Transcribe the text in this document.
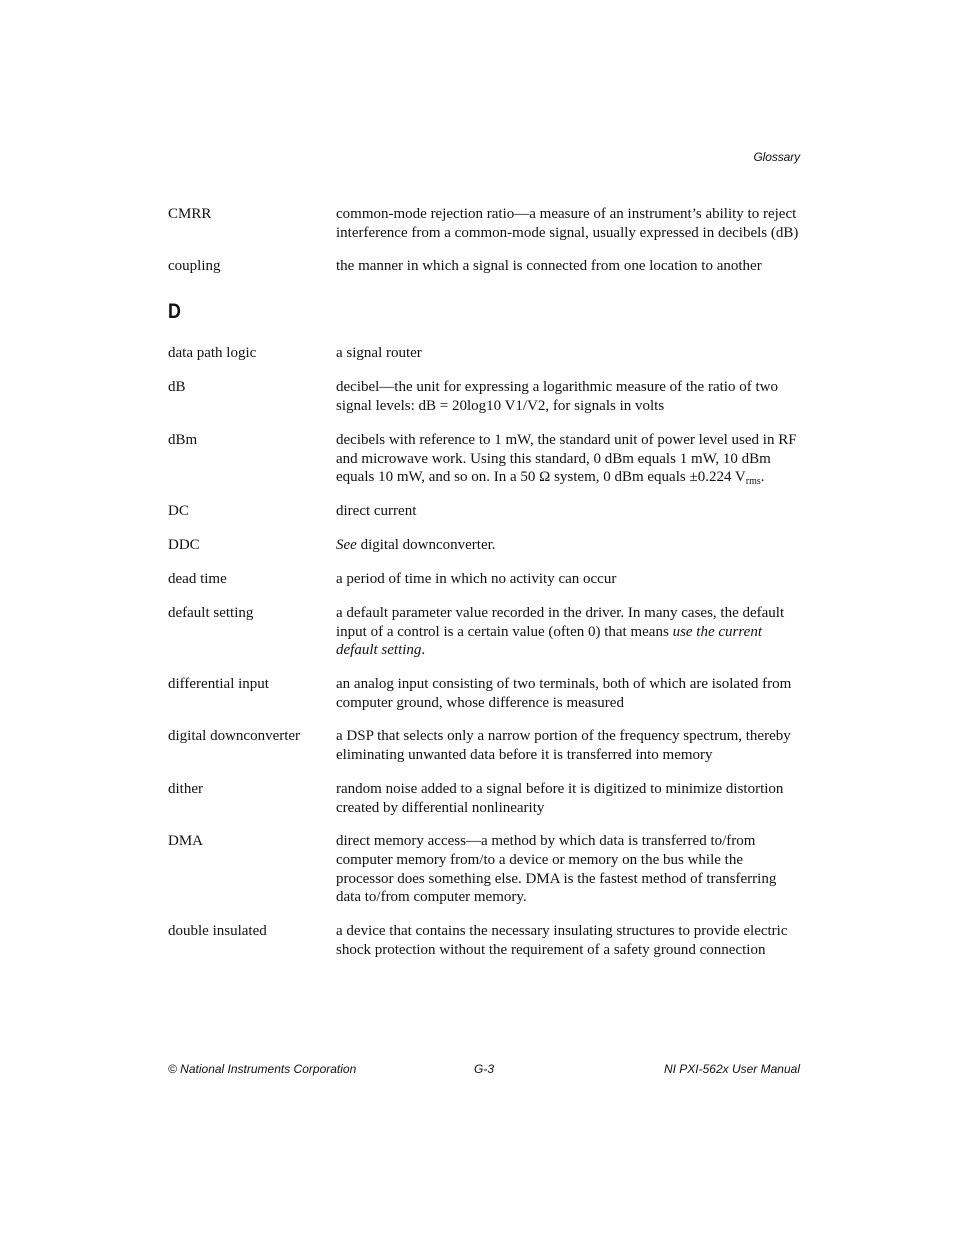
Glossary
CMRR	common-mode rejection ratio—a measure of an instrument’s ability to reject interference from a common-mode signal, usually expressed in decibels (dB)
coupling	the manner in which a signal is connected from one location to another
D
data path logic	a signal router
dB	decibel—the unit for expressing a logarithmic measure of the ratio of two signal levels: dB = 20log10 V1/V2, for signals in volts
dBm	decibels with reference to 1 mW, the standard unit of power level used in RF and microwave work. Using this standard, 0 dBm equals 1 mW, 10 dBm equals 10 mW, and so on. In a 50 Ω system, 0 dBm equals ±0.224 $V_{rms}$.
DC	direct current
DDC	See digital downconverter.
dead time	a period of time in which no activity can occur
default setting	a default parameter value recorded in the driver. In many cases, the default input of a control is a certain value (often 0) that means use the current default setting.
differential input	an analog input consisting of two terminals, both of which are isolated from computer ground, whose difference is measured
digital downconverter	a DSP that selects only a narrow portion of the frequency spectrum, thereby eliminating unwanted data before it is transferred into memory
dither	random noise added to a signal before it is digitized to minimize distortion created by differential nonlinearity
DMA	direct memory access—a method by which data is transferred to/from computer memory from/to a device or memory on the bus while the processor does something else. DMA is the fastest method of transferring data to/from computer memory.
double insulated	a device that contains the necessary insulating structures to provide electric shock protection without the requirement of a safety ground connection
© National Instruments Corporation	G-3	NI PXI-562x User Manual
